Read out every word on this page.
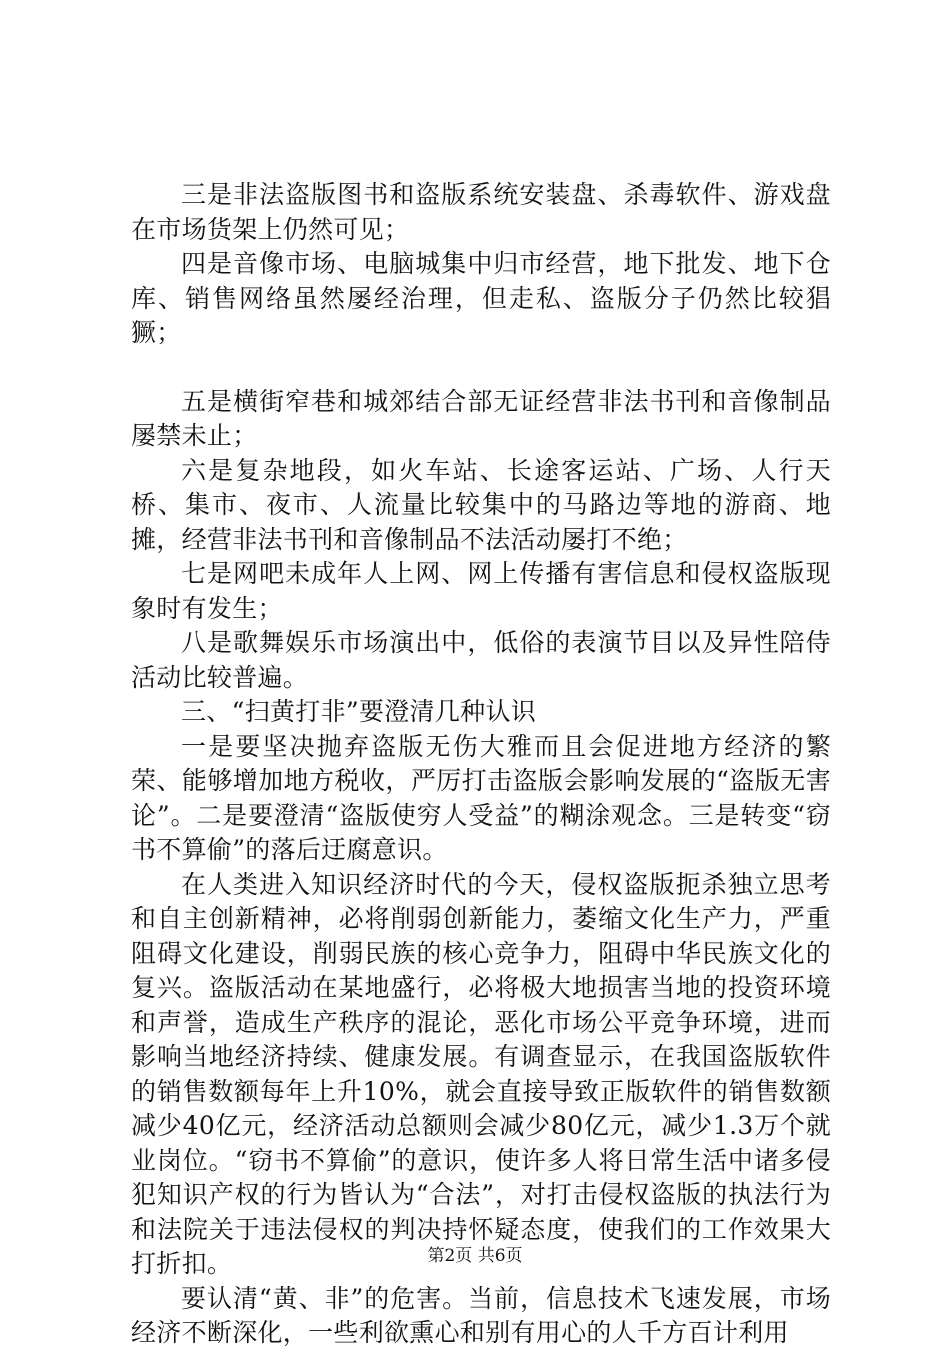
三是非法盗版图书和盗版系统安装盘、杀毒软件、游戏盘在市场货架上仍然可见；

四是音像市场、电脑城集中归市经营，地下批发、地下仓库、销售网络虽然屡经治理，但走私、盗版分子仍然比较猖獗；

五是横街窄巷和城郊结合部无证经营非法书刊和音像制品屡禁未止；

六是复杂地段，如火车站、长途客运站、广场、人行天桥、集市、夜市、人流量比较集中的马路边等地的游商、地摊，经营非法书刊和音像制品不法活动屡打不绝；

七是网吧未成年人上网、网上传播有害信息和侵权盗版现象时有发生；

八是歌舞娱乐市场演出中，低俗的表演节目以及异性陪侍活动比较普遍。

三、“扫黄打非”要澄清几种认识

一是要坚决抛弃盗版无伤大雅而且会促进地方经济的繁荣、能够增加地方税收，严厉打击盗版会影响发展的“盗版无害论”。二是要澄清“盗版使穷人受益”的糊涂观念。三是转变“窃书不算偷”的落后迂腐意识。

在人类进入知识经济时代的今天，侵权盗版扼杀独立思考和自主创新精神，必将削弱创新能力，萎缩文化生产力，严重阻碍文化建设，削弱民族的核心竞争力，阻碍中华民族文化的复兴。盗版活动在某地盛行，必将极大地损害当地的投资环境和声誉，造成生产秩序的混论，恶化市场公平竞争环境，进而影响当地经济持续、健康发展。有调查显示，在我国盗版软件的销售数额每年上升10%，就会直接导致正版软件的销售数额减少40亿元，经济活动总额则会减少80亿元，减少1.3万个就业岗位。“窃书不算偷”的意识，使许多人将日常生活中诸多侵犯知识产权的行为皆认为“合法”，对打击侵权盗版的执法行为和法院关于违法侵权的判决持怀疑态度，使我们的工作效果大打折扣。

要认清“黄、非”的危害。当前，信息技术飞速发展，市场经济不断深化，一些利欲熏心和别有用心的人千方百计利用

第2页 共6页
